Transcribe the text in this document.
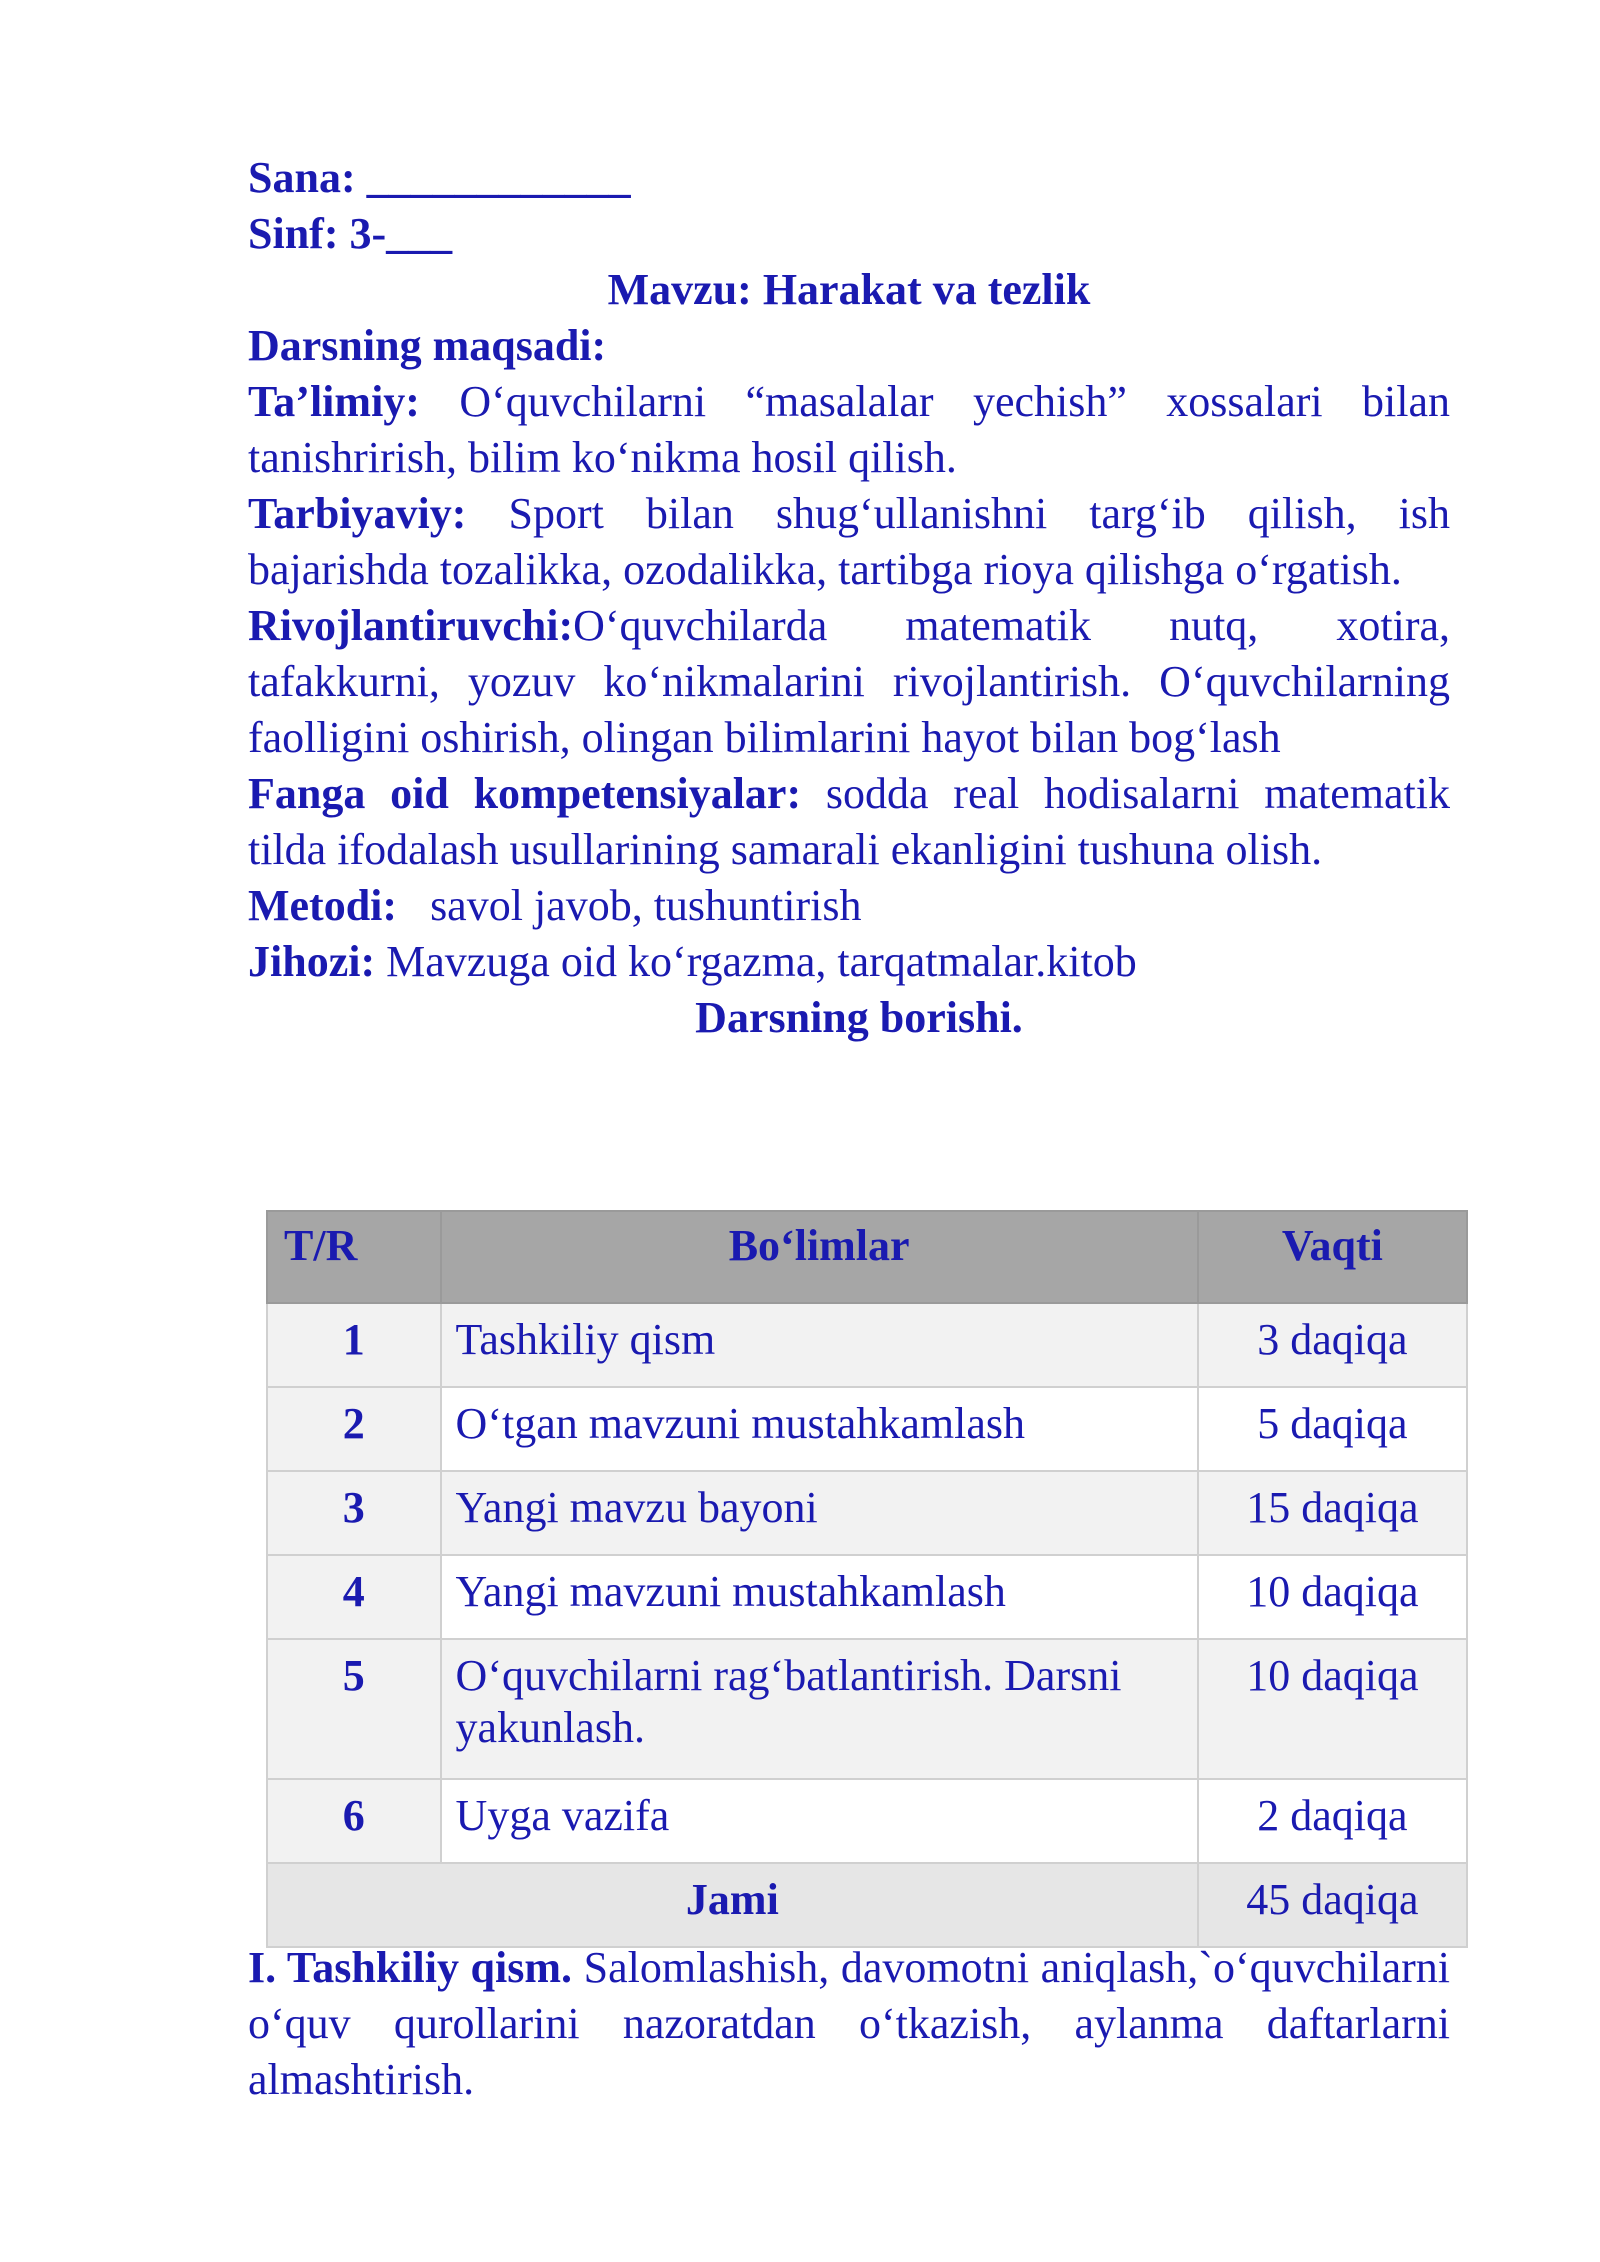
Sana: ____________

Sinf: 3-___

Mavzu: Harakat va tezlik

Darsning maqsadi:

Ta’limiy: O‘quvchilarni “masalalar yechish” xossalari bilan tanishrirish, bilim ko‘nikma hosil qilish.

Tarbiyaviy: Sport bilan shug‘ullanishni targ‘ib qilish, ish bajarishda tozalikka, ozodalikka, tartibga rioya qilishga o‘rgatish.

Rivojlantiruvchi:O‘quvchilarda matematik nutq, xotira, tafakkurni, yozuv ko‘nikmalarini rivojlantirish. O‘quvchilarning faolligini oshirish, olingan bilimlarini hayot bilan bog‘lash

Fanga oid kompetensiyalar: sodda real hodisalarni matematik tilda ifodalash usullarining samarali ekanligini tushuna olish.

Metodi:   savol javob, tushuntirish

Jihozi: Mavzuga oid ko‘rgazma, tarqatmalar.kitob

Darsning borishi.

T/R	Bo‘limlar	Vaqti
1	Tashkiliy qism	3 daqiqa
2	O‘tgan mavzuni mustahkamlash	5 daqiqa
3	Yangi mavzu bayoni	15 daqiqa
4	Yangi mavzuni mustahkamlash	10 daqiqa
5	O‘quvchilarni rag‘batlantirish. Darsni yakunlash.	10 daqiqa
6	Uyga vazifa	2 daqiqa
Jami		45 daqiqa

I. Tashkiliy qism. Salomlashish, davomotni aniqlash,`o‘quvchilarni o‘quv qurollarini nazoratdan o‘tkazish, aylanma daftarlarni almashtirish.
